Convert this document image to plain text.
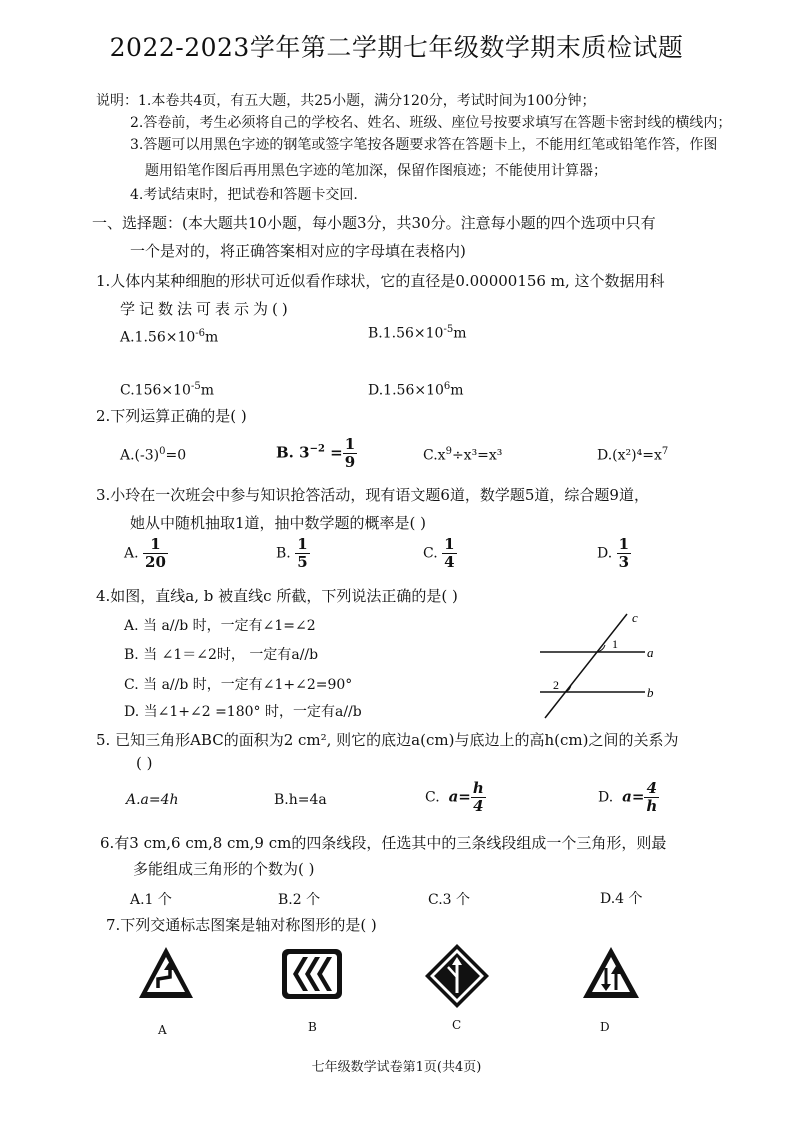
2022-2023学年第二学期七年级数学期末质检试题
说明：1.本卷共4页，有五大题，共25小题，满分120分，考试时间为100分钟；
2.答卷前，考生必须将自己的学校名、姓名、班级、座位号按要求填写在答题卡密封线的横线内；
3.答题可以用黑色字迹的钢笔或签字笔按各题要求答在答题卡上，不能用红笔或铅笔作答，作图
题用铅笔作图后再用黑色字迹的笔加深，保留作图痕迹；不能使用计算器；
4.考试结束时，把试卷和答题卡交回.
一、选择题：(本大题共10小题，每小题3分，共30分。注意每小题的四个选项中只有
一个是对的，将正确答案相对应的字母填在表格内)
1.人体内某种细胞的形状可近似看作球状，它的直径是0.00000156 m, 这个数据用科
学记数法可表示为()
$A.1.56\times 10^{-6}m$	$B.1.56\times 10^{-5}m$
$C.156\times 10^{-5}m$	$D.1.56\times 10^6m$
2.下列运算正确的是( )
$A.(-3)^0=0$	B. $3^{-2} = \frac{1}{9}$	$C.x^9\div x^3=x^3$	$D.(x^2)^4=x^7$
3.小玲在一次班会中参与知识抢答活动，现有语文题6道，数学题5道，综合题9道，
她从中随机抽取1道，抽中数学题的概率是( )
A. $\frac{1}{20}$	B. $\frac{1}{5}$	C. $\frac{1}{4}$	D. $\frac{1}{3}$
4.如图，直线a, b 被直线c 所截，下列说法正确的是( )
A. 当 a//b 时，一定有∠1=∠2
B. 当 ∠1＝∠2时， 一定有a//b
C. 当 a//b 时，一定有∠1+∠2=90°
D. 当∠1+∠2 =180° 时，一定有a//b
c
a
b
1
2
5. 已知三角形ABC的面积为2 cm², 则它的底边a(cm)与底边上的高h(cm)之间的关系为
( )
A.a=4h	B.h=4a	C. $a= \frac{h}{4}$	D. $a= \frac{4}{h}$
6.有3 cm,6 cm,8 cm,9 cm的四条线段，任选其中的三条线段组成一个三角形，则最
多能组成三角形的个数为( )
A.1 个	B.2 个	C.3 个	D.4 个
7.下列交通标志图案是轴对称图形的是( )
A	B	C	D
七年级数学试卷第1页(共4页)
